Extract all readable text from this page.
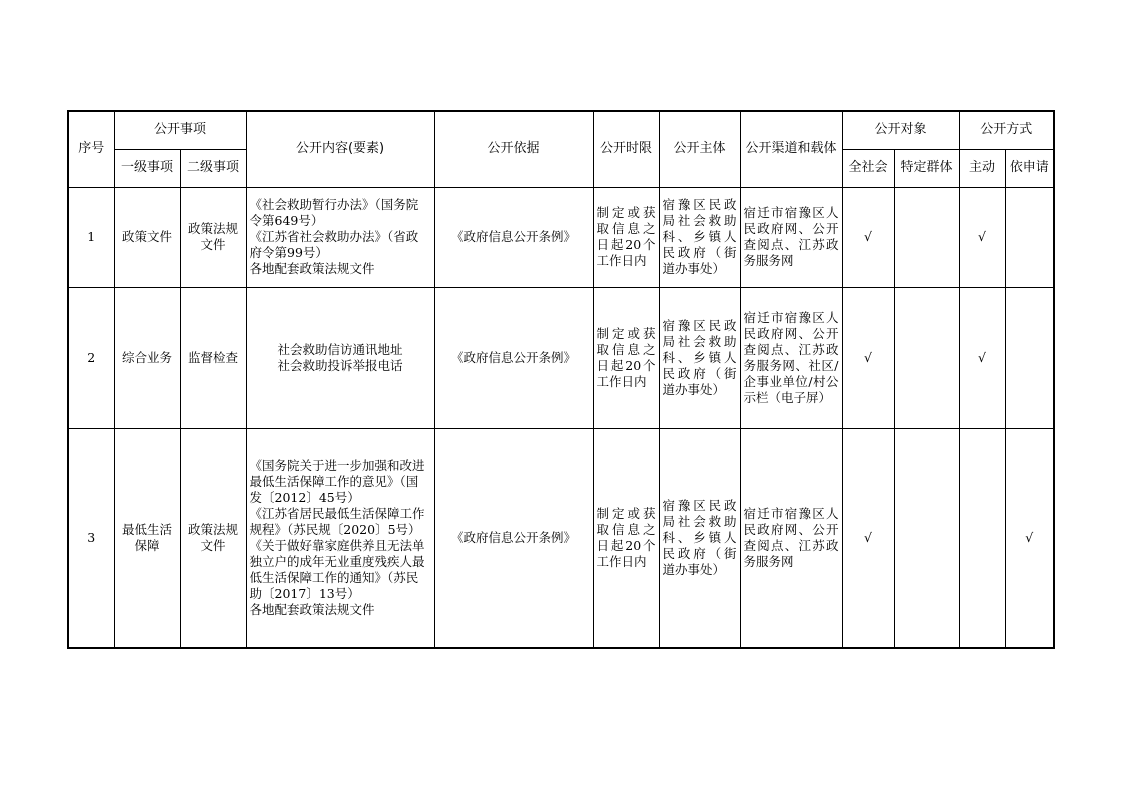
序号	公开事项		公开内容(要素)	公开依据	公开时限	公开主体	公开渠道和载体	公开对象		公开方式	
	一级事项	二级事项						全社会	特定群体	主动	依申请
1	政策文件	政策法规文件	《社会救助暂行办法》（国务院令第649号）
《江苏省社会救助办法》（省政府令第99号）
各地配套政策法规文件	《政府信息公开条例》	制定或获取信息之日起20个工作日内	宿豫区民政局社会救助科、乡镇人民政府（街道办事处）	宿迁市宿豫区人民政府网、公开查阅点、江苏政务服务网	√		√	
2	综合业务	监督检查	社会救助信访通讯地址
社会救助投诉举报电话	《政府信息公开条例》	制定或获取信息之日起20个工作日内	宿豫区民政局社会救助科、乡镇人民政府（街道办事处）	宿迁市宿豫区人民政府网、公开查阅点、江苏政务服务网、社区/企事业单位/村公示栏（电子屏）	√		√	
3	最低生活保障	政策法规文件	《国务院关于进一步加强和改进最低生活保障工作的意见》（国发〔2012〕45号）
《江苏省居民最低生活保障工作规程》（苏民规〔2020〕5号）
《关于做好靠家庭供养且无法单独立户的成年无业重度残疾人最低生活保障工作的通知》（苏民助〔2017〕13号）
各地配套政策法规文件	《政府信息公开条例》	制定或获取信息之日起20个工作日内	宿豫区民政局社会救助科、乡镇人民政府（街道办事处）	宿迁市宿豫区人民政府网、公开查阅点、江苏政务服务网	√			√
